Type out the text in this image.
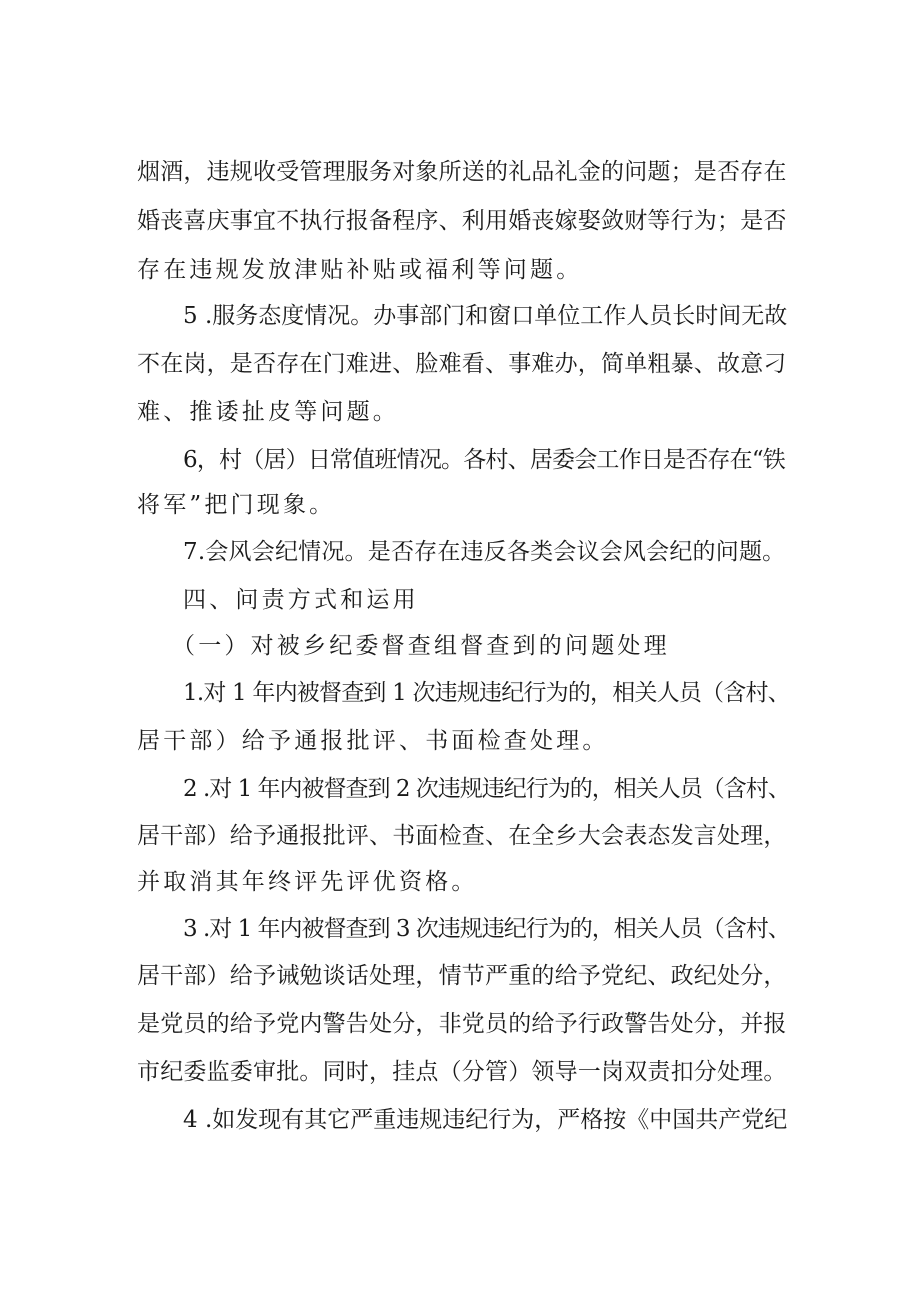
烟酒，违规收受管理服务对象所送的礼品礼金的问题；是否存在
婚丧喜庆事宜不执行报备程序、利用婚丧嫁娶敛财等行为；是否
存在违规发放津贴补贴或福利等问题。
5 .服务态度情况。办事部门和窗口单位工作人员长时间无故
不在岗，是否存在门难进、脸难看、事难办，简单粗暴、故意刁
难、推诿扯皮等问题。
6，村（居）日常值班情况。各村、居委会工作日是否存在“铁
将军”把门现象。
7.会风会纪情况。是否存在违反各类会议会风会纪的问题。
四、问责方式和运用
（一）对被乡纪委督查组督查到的问题处理
1.对 1 年内被督查到 1 次违规违纪行为的，相关人员（含村、
居干部）给予通报批评、书面检查处理。
2 .对 1 年内被督查到 2 次违规违纪行为的，相关人员（含村、
居干部）给予通报批评、书面检查、在全乡大会表态发言处理，
并取消其年终评先评优资格。
3 .对 1 年内被督查到 3 次违规违纪行为的，相关人员（含村、
居干部）给予诫勉谈话处理，情节严重的给予党纪、政纪处分，
是党员的给予党内警告处分，非党员的给予行政警告处分，并报
市纪委监委审批。同时，挂点（分管）领导一岗双责扣分处理。
4 .如发现有其它严重违规违纪行为，严格按《中国共产党纪
